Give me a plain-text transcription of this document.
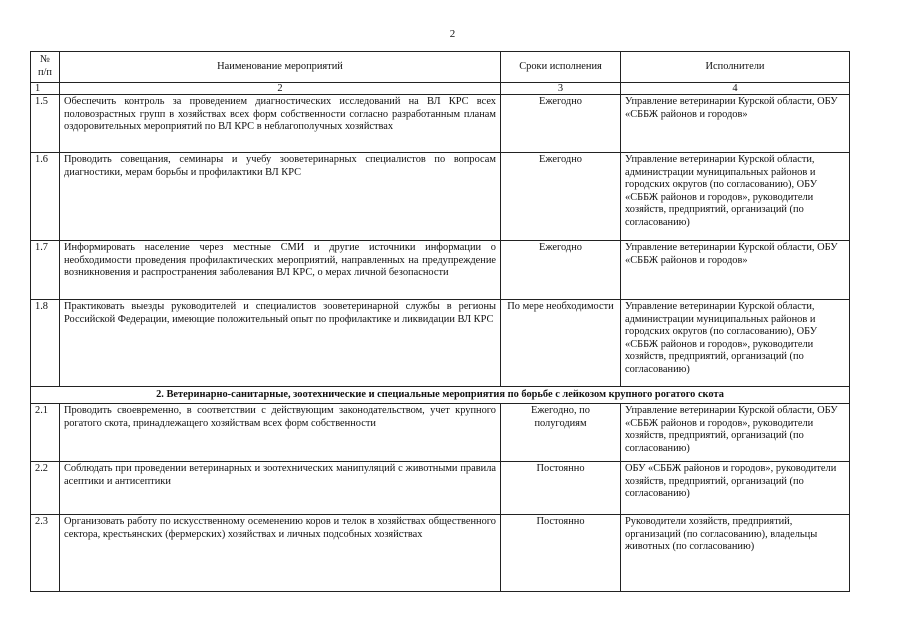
2
№ п/п	Наименование мероприятий	Сроки исполнения	Исполнители
1	2	3	4
1.5	Обеспечить контроль за проведением диагностических исследований на ВЛ КРС всех половозрастных групп в хозяйствах всех форм собственности согласно разработанным планам оздоровительных мероприятий по ВЛ КРС в неблагополучных хозяйствах	Ежегодно	Управление ветеринарии Курской области, ОБУ «СББЖ районов и городов»
1.6	Проводить совещания, семинары и учебу зооветеринарных специалистов по вопросам диагностики, мерам борьбы и профилактики ВЛ КРС	Ежегодно	Управление ветеринарии Курской области, администрации муниципальных районов и городских округов (по согласованию), ОБУ «СББЖ районов и городов», руководители хозяйств, предприятий, организаций (по согласованию)
1.7	Информировать население через местные СМИ и другие источники информации о необходимости проведения профилактических мероприятий, направленных на предупреждение возникновения и распространения заболевания ВЛ КРС, о мерах личной безопасности	Ежегодно	Управление ветеринарии Курской области, ОБУ «СББЖ районов и городов»
1.8	Практиковать выезды руководителей и специалистов зооветеринарной службы в регионы Российской Федерации, имеющие положительный опыт по профилактике и ликвидации ВЛ КРС	По мере необходимости	Управление ветеринарии Курской области, администрации муниципальных районов и городских округов (по согласованию), ОБУ «СББЖ районов и городов», руководители хозяйств, предприятий, организаций (по согласованию)
2. Ветеринарно-санитарные, зоотехнические и специальные мероприятия по борьбе с лейкозом крупного рогатого скота			
2.1	Проводить своевременно, в соответствии с действующим законодательством, учет крупного рогатого скота, принадлежащего хозяйствам всех форм собственности	Ежегодно, по полугодиям	Управление ветеринарии Курской области, ОБУ «СББЖ районов и городов», руководители хозяйств, предприятий, организаций (по согласованию)
2.2	Соблюдать при проведении ветеринарных и зоотехнических манипуляций с животными правила асептики и антисептики	Постоянно	ОБУ «СББЖ районов и городов», руководители хозяйств, предприятий, организаций (по согласованию)
2.3	Организовать работу по искусственному осеменению коров и телок в хозяйствах общественного сектора, крестьянских (фермерских) хозяйствах и личных подсобных хозяйствах	Постоянно	Руководители хозяйств, предприятий, организаций (по согласованию), владельцы животных (по согласованию)
